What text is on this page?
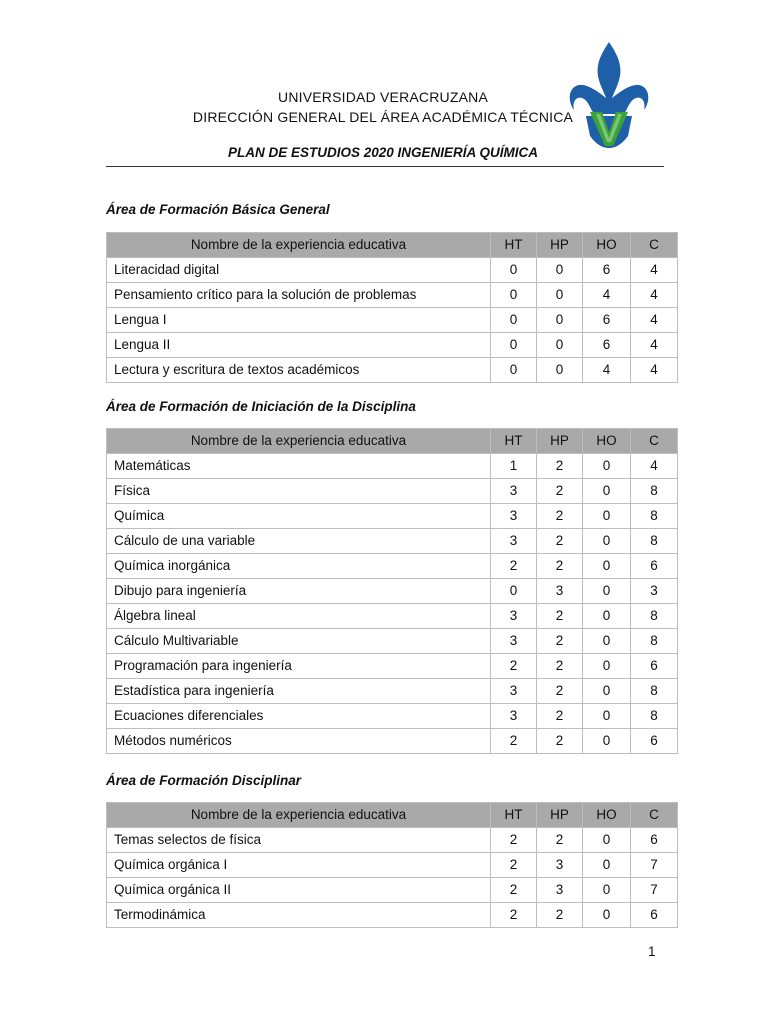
UNIVERSIDAD VERACRUZANA
DIRECCIÓN GENERAL DEL ÁREA ACADÉMICA TÉCNICA
PLAN DE ESTUDIOS 2020 INGENIERÍA QUÍMICA
Área de Formación Básica General
Nombre de la experiencia educativa	HT	HP	HO	C
Literacidad digital	0	0	6	4
Pensamiento crítico para la solución de problemas	0	0	4	4
Lengua I	0	0	6	4
Lengua II	0	0	6	4
Lectura y escritura de textos académicos	0	0	4	4
Área de Formación de Iniciación de la Disciplina
Nombre de la experiencia educativa	HT	HP	HO	C
Matemáticas	1	2	0	4
Física	3	2	0	8
Química	3	2	0	8
Cálculo de una variable	3	2	0	8
Química inorgánica	2	2	0	6
Dibujo para ingeniería	0	3	0	3
Álgebra lineal	3	2	0	8
Cálculo Multivariable	3	2	0	8
Programación para ingeniería	2	2	0	6
Estadística para ingeniería	3	2	0	8
Ecuaciones diferenciales	3	2	0	8
Métodos numéricos	2	2	0	6
Área de Formación Disciplinar
Nombre de la experiencia educativa	HT	HP	HO	C
Temas selectos de física	2	2	0	6
Química orgánica I	2	3	0	7
Química orgánica II	2	3	0	7
Termodinámica	2	2	0	6
1
